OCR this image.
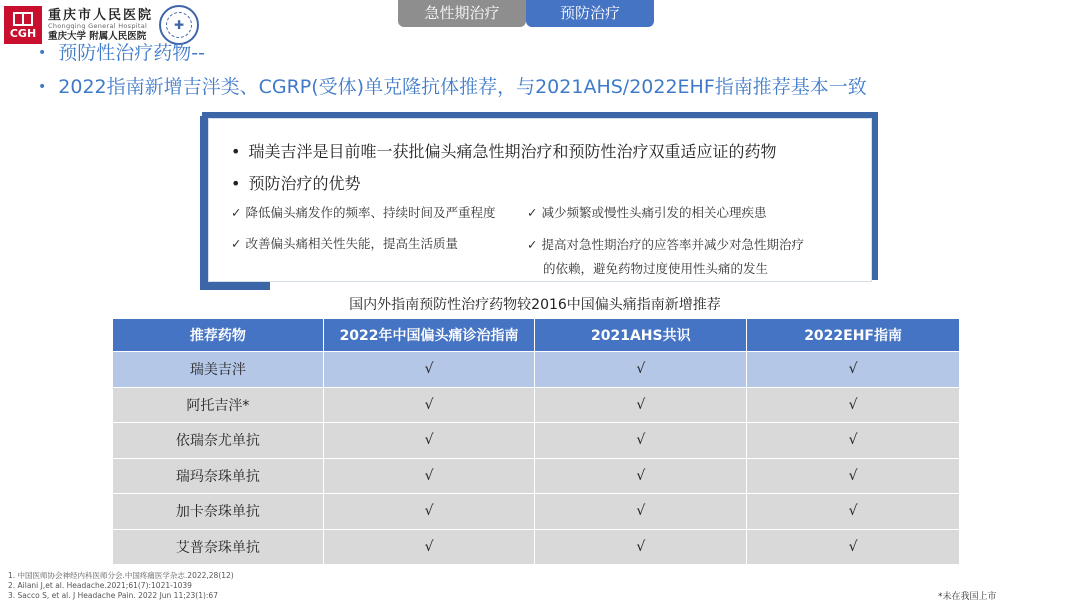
CGH
重庆市人民医院
Chongqing General Hospital
重庆大学 附属人民医院
✚
急性期治疗	预防治疗
• 预防性治疗药物--
• 2022指南新增吉泮类、CGRP(受体)单克隆抗体推荐，与2021AHS/2022EHF指南推荐基本一致
• 瑞美吉泮是目前唯一获批偏头痛急性期治疗和预防性治疗双重适应证的药物
• 预防治疗的优势
✓ 降低偏头痛发作的频率、持续时间及严重程度	✓ 减少频繁或慢性头痛引发的相关心理疾患
✓ 改善偏头痛相关性失能，提高生活质量	✓ 提高对急性期治疗的应答率并减少对急性期治疗
的依赖，避免药物过度使用性头痛的发生
国内外指南预防性治疗药物较2016中国偏头痛指南新增推荐
推荐药物	2022年中国偏头痛诊治指南	2021AHS共识	2022EHF指南
瑞美吉泮	√	√	√
阿托吉泮*	√	√	√
依瑞奈尤单抗	√	√	√
瑞玛奈珠单抗	√	√	√
加卡奈珠单抗	√	√	√
艾普奈珠单抗	√	√	√
1. 中国医师协会神经内科医师分会.中国疼痛医学杂志.2022,28(12)
2. Ailani J,et al. Headache.2021;61(7):1021-1039
3. Sacco S, et al. J Headache Pain. 2022 Jun 11;23(1):67	*未在我国上市
